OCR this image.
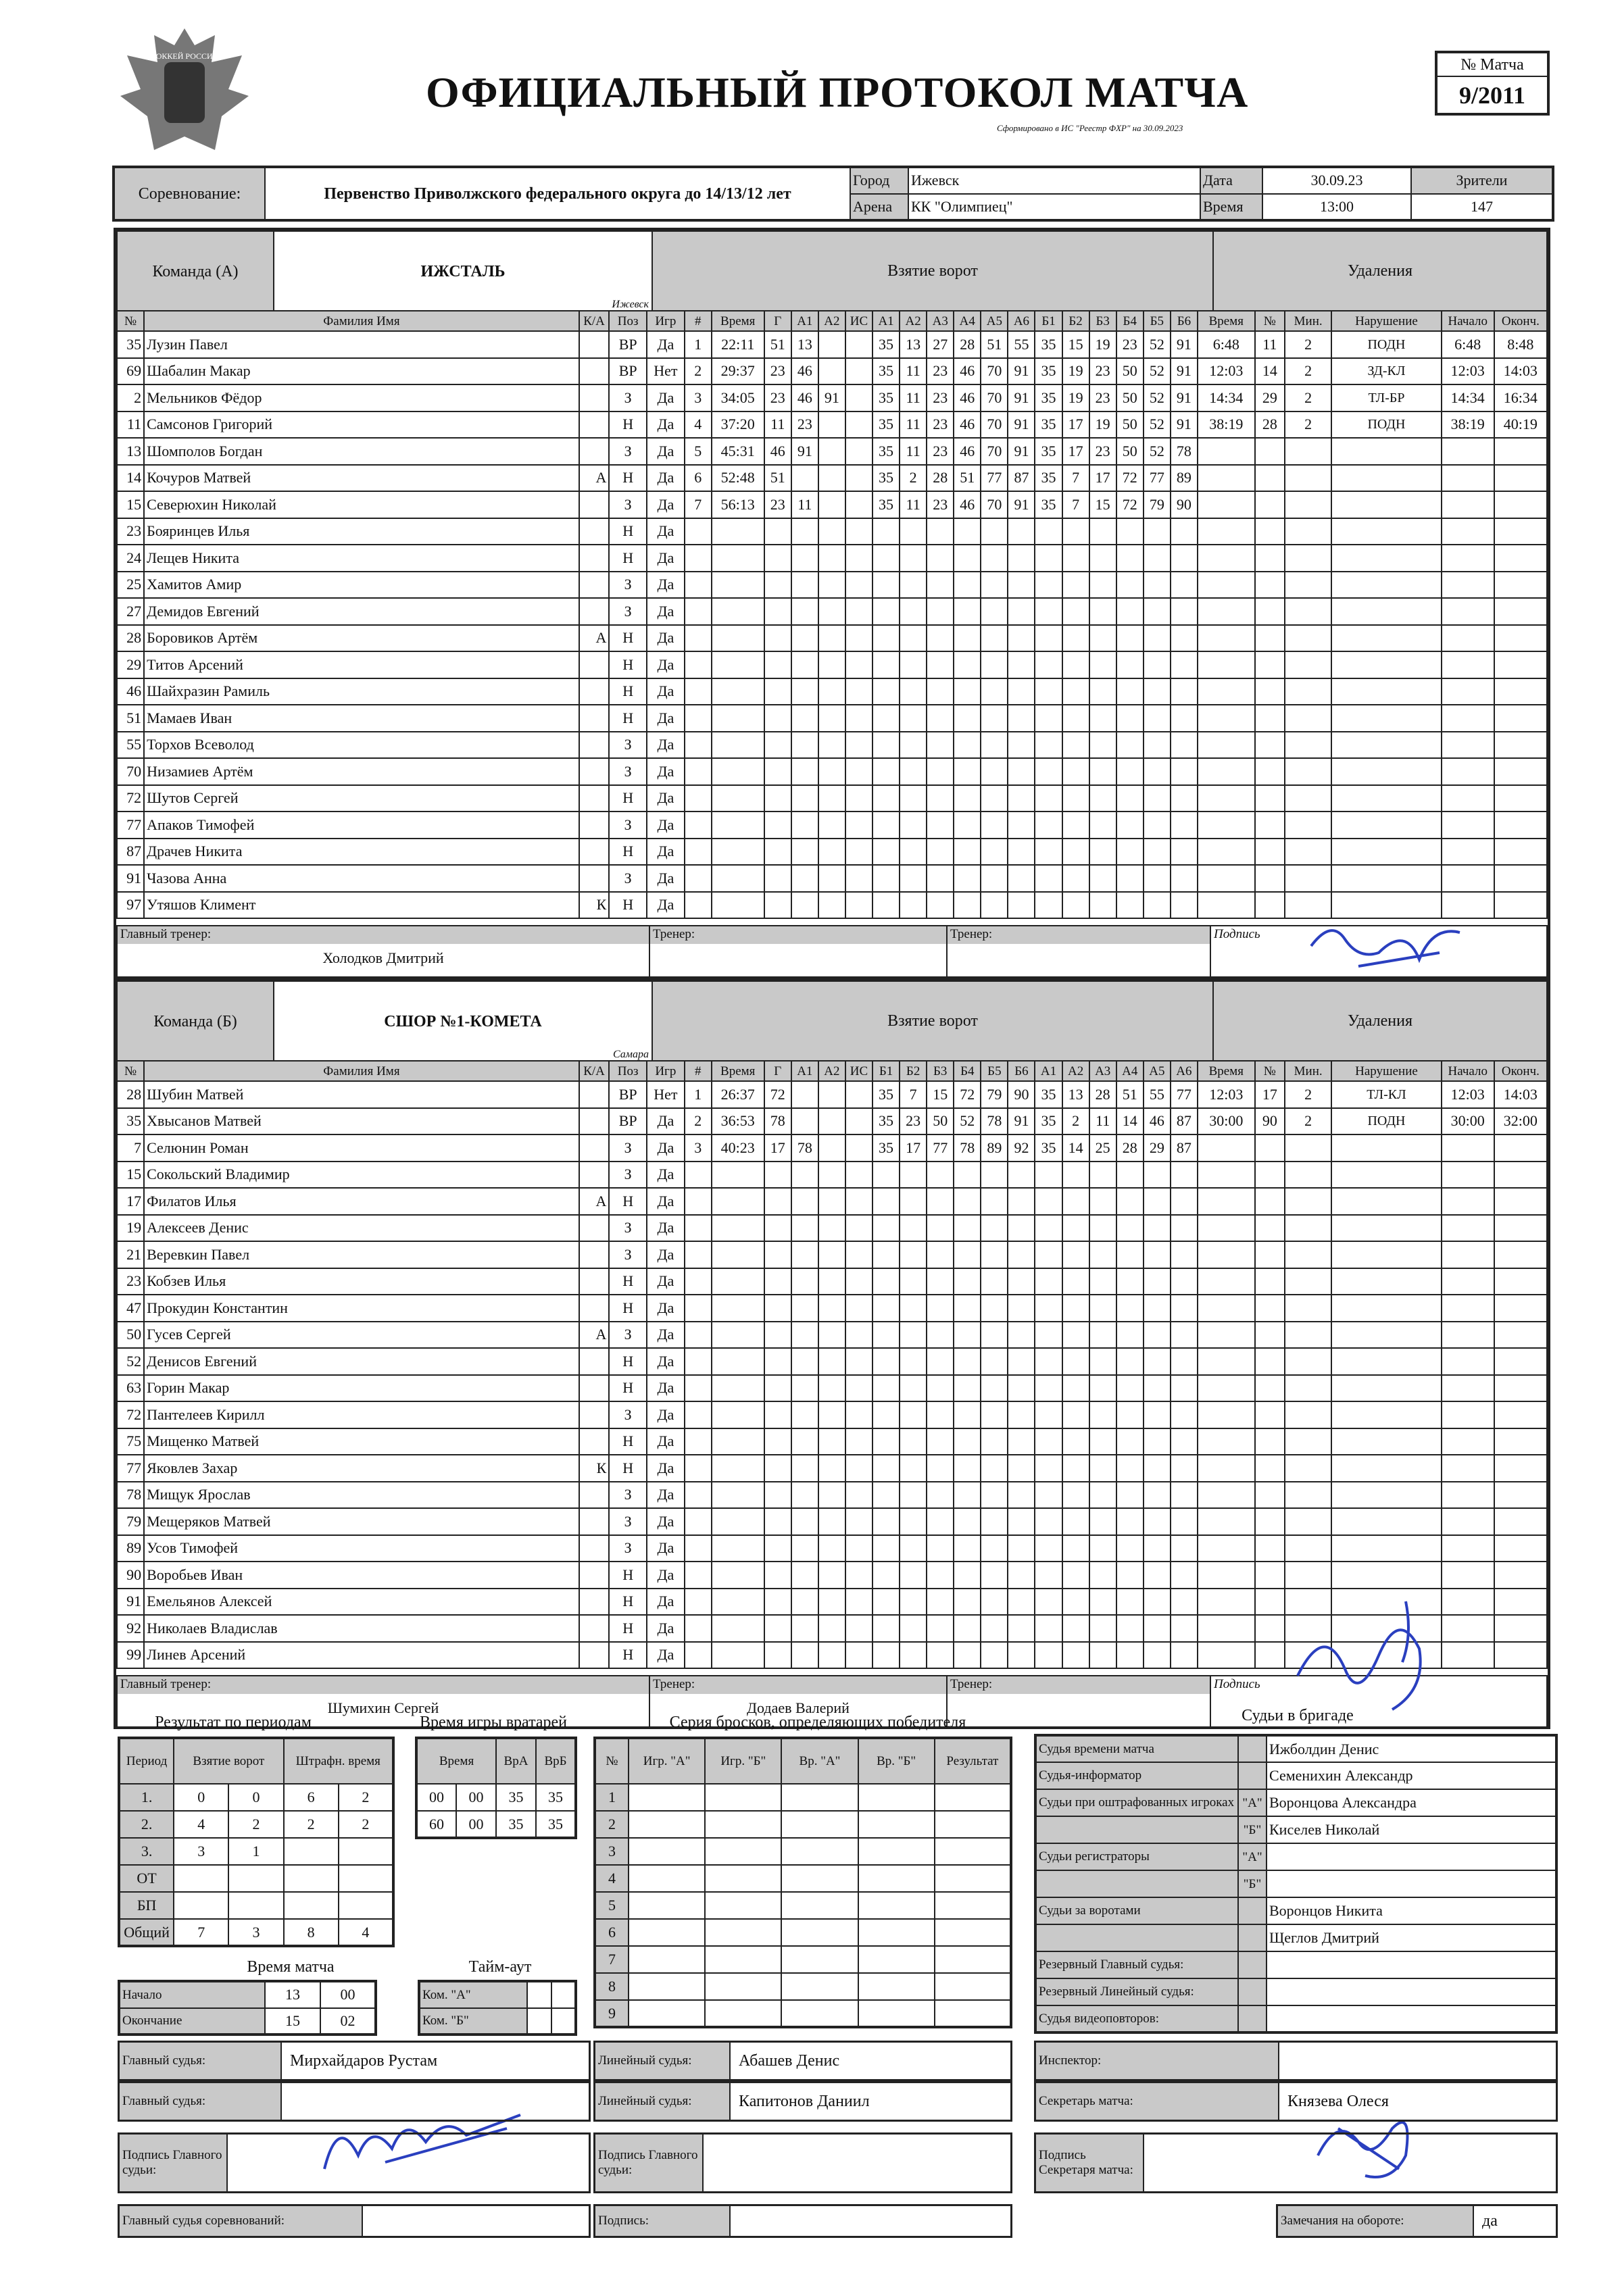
ХОККЕЙ РОССИИ
ОФИЦИАЛЬНЫЙ ПРОТОКОЛ МАТЧА
Сформировано в ИС "Реестр ФХР" на 30.09.2023
№ Матча
9/2011
Соревнование:	Первенство Приволжского федерального округа до 14/13/12 лет	Город	Ижевск	Дата	30.09.23	Зрители
		Арена	КК "Олимпиец"	Время	13:00	147
Команда (А)	ИЖСТАЛЬ
Ижевск
Взятие ворот	Удаления
№	Фамилия Имя	К/А	Поз	Игр	#	Время	Г	А1	А2	ИС	А1	А2	А3	А4	А5	А6	Б1	Б2	Б3	Б4	Б5	Б6	Время	№	Мин.	Нарушение	Начало	Оконч.
35	Лузин Павел		ВР	Да	1	22:11	51	13			35	13	27	28	51	55	35	15	19	23	52	91	6:48	11	2	ПОДН	6:48	8:48
69	Шабалин Макар		ВР	Нет	2	29:37	23	46			35	11	23	46	70	91	35	19	23	50	52	91	12:03	14	2	ЗД-КЛ	12:03	14:03
2	Мельников Фёдор		З	Да	3	34:05	23	46	91		35	11	23	46	70	91	35	19	23	50	52	91	14:34	29	2	ТЛ-БР	14:34	16:34
11	Самсонов Григорий		Н	Да	4	37:20	11	23			35	11	23	46	70	91	35	17	19	50	52	91	38:19	28	2	ПОДН	38:19	40:19
13	Шомполов Богдан		З	Да	5	45:31	46	91			35	11	23	46	70	91	35	17	23	50	52	78						
14	Кочуров Матвей	А	Н	Да	6	52:48	51				35	2	28	51	77	87	35	7	17	72	77	89						
15	Северюхин Николай		З	Да	7	56:13	23	11			35	11	23	46	70	91	35	7	15	72	79	90						
23	Бояринцев Илья		Н	Да																								
24	Лещев Никита		Н	Да																								
25	Хамитов Амир		З	Да																								
27	Демидов Евгений		З	Да																								
28	Боровиков Артём	А	Н	Да																								
29	Титов Арсений		Н	Да																								
46	Шайхразин Рамиль		Н	Да																								
51	Мамаев Иван		Н	Да																								
55	Торхов Всеволод		З	Да																								
70	Низамиев Артём		З	Да																								
72	Шутов Сергей		Н	Да																								
77	Апаков Тимофей		З	Да																								
87	Драчев Никита		Н	Да																								
91	Чазова Анна		З	Да																								
97	Утяшов Климент	К	Н	Да																								
Главный тренер:
Холодков Дмитрий

Тренер:	Тренер:	Подпись
Команда (Б)	СШОР №1-КОМЕТА
Самара
Взятие ворот	Удаления
№	Фамилия Имя	К/А	Поз	Игр	#	Время	Г	А1	А2	ИС	Б1	Б2	Б3	Б4	Б5	Б6	А1	А2	А3	А4	А5	А6	Время	№	Мин.	Нарушение	Начало	Оконч.
28	Шубин Матвей		ВР	Нет	1	26:37	72				35	7	15	72	79	90	35	13	28	51	55	77	12:03	17	2	ТЛ-КЛ	12:03	14:03
35	Хвысанов Матвей		ВР	Да	2	36:53	78				35	23	50	52	78	91	35	2	11	14	46	87	30:00	90	2	ПОДН	30:00	32:00
7	Селюнин Роман		З	Да	3	40:23	17	78			35	17	77	78	89	92	35	14	25	28	29	87						
15	Сокольский Владимир		З	Да																								
17	Филатов Илья	А	Н	Да																								
19	Алексеев Денис		З	Да																								
21	Веревкин Павел		З	Да																								
23	Кобзев Илья		Н	Да																								
47	Прокудин Константин		Н	Да																								
50	Гусев Сергей	А	З	Да																								
52	Денисов Евгений		Н	Да																								
63	Горин Макар		Н	Да																								
72	Пантелеев Кирилл		З	Да																								
75	Мищенко Матвей		Н	Да																								
77	Яковлев Захар	К	Н	Да																								
78	Мищук Ярослав		З	Да																								
79	Мещеряков Матвей		З	Да																								
89	Усов Тимофей		З	Да																								
90	Воробьев Иван		Н	Да																								
91	Емельянов Алексей		Н	Да																								
92	Николаев Владислав		Н	Да																								
99	Линев Арсений		Н	Да																								
Главный тренер:
Шумихин Сергей

Тренер:
Додаев Валерий

Тренер:	Подпись
Результат по периодам	Время игры вратарей	Серия бросков, определяющих победителя	Судьи в бригаде
Период	Взятие ворот		Штрафн. время	
1.	0	0	6	2
2.	4	2	2	2
3.	3	1		
ОТ				
БП				
Общий	7	3	8	4
Время		ВрА	ВрБ
00	00	35	35
60	00	35	35
Время матча	Тайм-аут
Начало	13	00
Окончание	15	02
Ком. "А"		
Ком. "Б"		
№	Игр. "А"	Игр. "Б"	Вр. "А"	Вр. "Б"	Результат
1					
2					
3					
4					
5					
6					
7					
8					
9					
Судья времени матча		Ижболдин Денис
Судья-информатор		Семенихин Александр
Судьи при оштрафованных игроках	"А"	Воронцова Александра
	"Б"	Киселев Николай
Судьи регистраторы	"А"	
	"Б"	
Судьи за воротами		Воронцов Никита
		Щеглов Дмитрий
Резервный Главный судья:		
Резервный Линейный судья:		
Судья видеоповторов:		
Главный судья:	Мирхайдаров Рустам
Главный судья:
Линейный судья:	Абашев Денис
Линейный судья:	Капитонов Даниил
Инспектор:
Секретарь матча:	Князева Олеся
Подпись Главного судьи:
Подпись Главного судьи:
Подпись Секретаря матча:
Главный судья соревнований:	Подпись:	Замечания на обороте:	да
